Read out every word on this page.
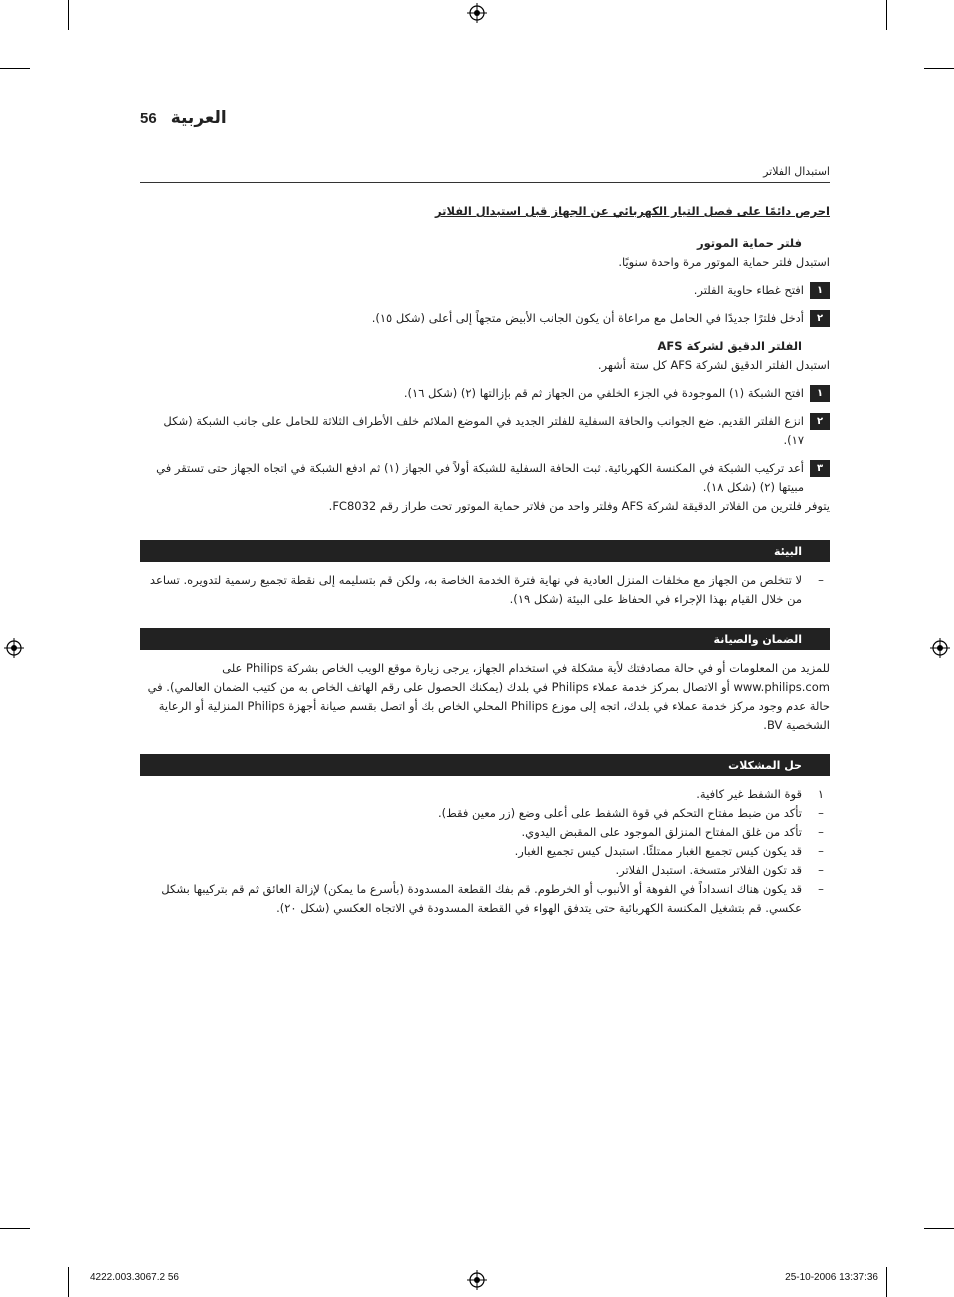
56 العربية
استبدال الفلاتر
احرص دائمًا على فصل التيار الكهربائي عن الجهاز قبل استبدال الفلاتر
فلتر حماية الموتور
استبدل فلتر حماية الموتور مرة واحدة سنويًا.
١
افتح غطاء حاوية الفلتر.
٢
أدخل فلترًا جديدًا في الحامل مع مراعاة أن يكون الجانب الأبيض متجهاً إلى أعلى (شكل ١٥).
الفلتر الدقيق لشركة AFS
استبدل الفلتر الدقيق لشركة AFS كل ستة أشهر.
١
افتح الشبكة (١) الموجودة في الجزء الخلفي من الجهاز ثم قم بإزالتها (٢) (شكل ١٦).
٢
انزع الفلتر القديم. ضع الجوانب والحافة السفلية للفلتر الجديد في الموضع الملائم خلف الأطراف الثلاثة للحامل على جانب الشبكة (شكل ١٧).
٣
أعد تركيب الشبكة في المكنسة الكهربائية. ثبت الحافة السفلية للشبكة أولاً في الجهاز (١) ثم ادفع الشبكة في اتجاه الجهاز حتى تستقر في مبيتها (٢) (شكل ١٨).
يتوفر فلترين من الفلاتر الدقيقة لشركة AFS وفلتر واحد من فلاتر حماية الموتور تحت طراز رقم FC8032.
البيئة
–
لا تتخلص من الجهاز مع مخلفات المنزل العادية في نهاية فترة الخدمة الخاصة به، ولكن قم بتسليمه إلى نقطة تجميع رسمية لتدويره. تساعد من خلال القيام بهذا الإجراء في الحفاظ على البيئة (شكل ١٩).
الضمان والصيانة
للمزيد من المعلومات أو في حالة مصادفتك لأية مشكلة في استخدام الجهاز، يرجى زيارة موقع الويب الخاص بشركة Philips على www.philips.com أو الاتصال بمركز خدمة عملاء Philips في بلدك (يمكنك الحصول على رقم الهاتف الخاص به من كتيب الضمان العالمي). في حالة عدم وجود مركز خدمة عملاء في بلدك، اتجه إلى موزع Philips المحلي الخاص بك أو اتصل بقسم صيانة أجهزة Philips المنزلية أو الرعاية الشخصية BV.
حل المشكلات
١
قوة الشفط غير كافية.
–
تأكد من ضبط مفتاح التحكم في قوة الشفط على أعلى وضع (زر معين فقط).
–
تأكد من غلق المفتاح المنزلق الموجود على المقبض اليدوي.
–
قد يكون كيس تجميع الغبار ممتلئًا. استبدل كيس تجميع الغبار.
–
قد تكون الفلاتر متسخة. استبدل الفلاتر.
–
قد يكون هناك انسداداً في الفوهة أو الأنبوب أو الخرطوم. قم بفك القطعة المسدودة (بأسرع ما يمكن) لإزالة العائق ثم قم بتركيبها بشكل عكسي. قم بتشغيل المكنسة الكهربائية حتى يتدفق الهواء في القطعة المسدودة في الاتجاه العكسي (شكل ٢٠).
4222.003.3067.2 56	25-10-2006 13:37:36
